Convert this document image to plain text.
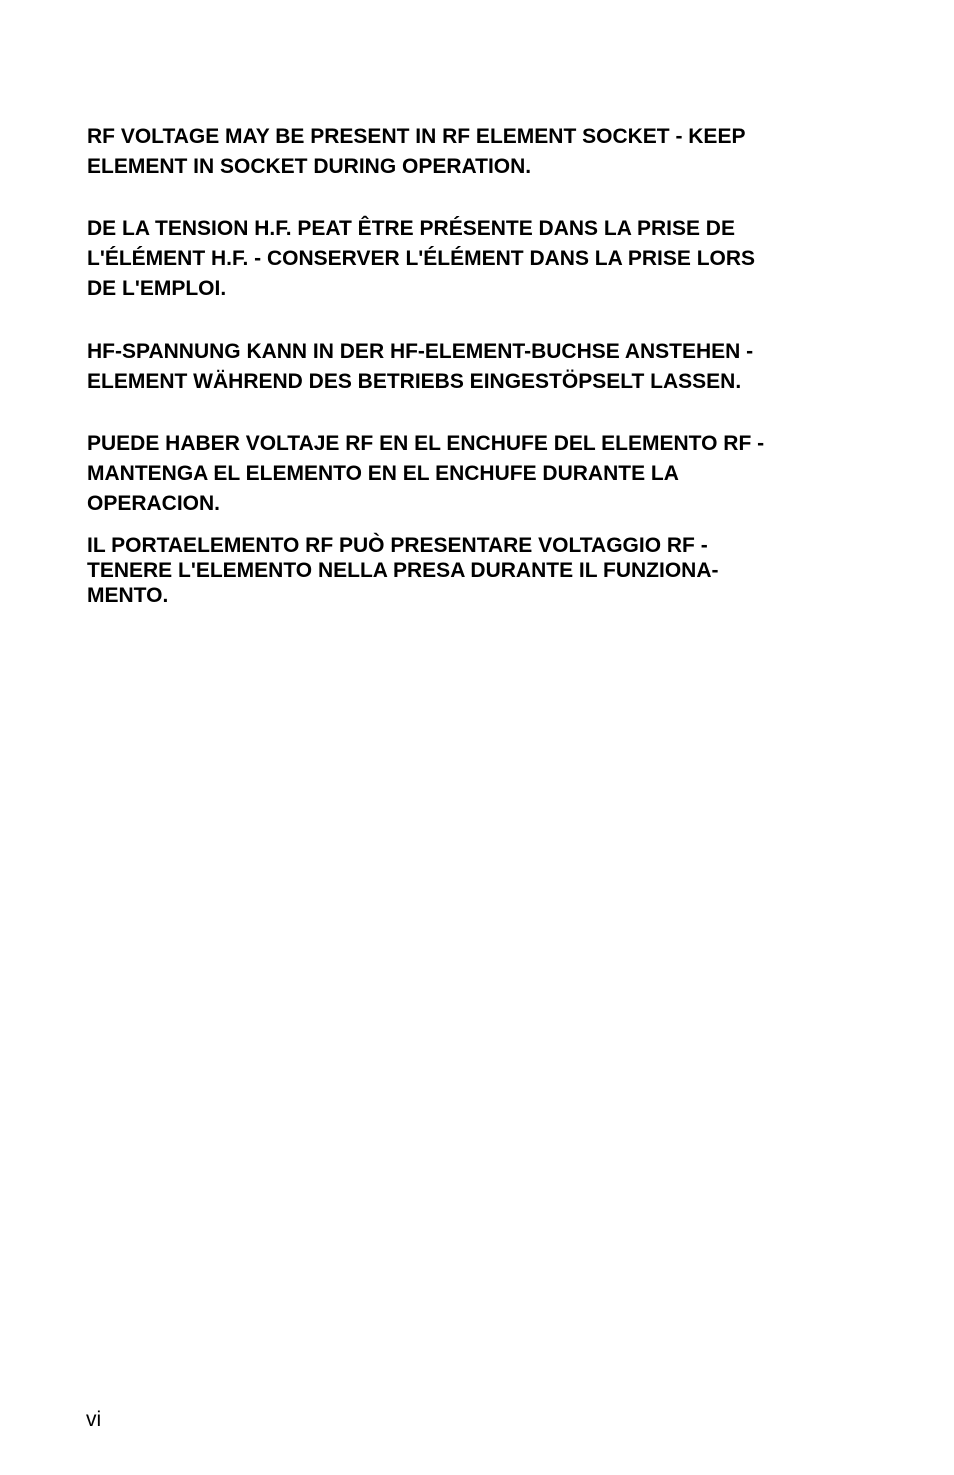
RF VOLTAGE MAY BE PRESENT IN RF ELEMENT SOCKET - KEEP
ELEMENT IN SOCKET DURING OPERATION.

DE LA TENSION H.F. PEAT ÊTRE PRÉSENTE DANS LA PRISE DE
L'ÉLÉMENT H.F. - CONSERVER L'ÉLÉMENT DANS LA PRISE LORS
DE L'EMPLOI.

HF-SPANNUNG KANN IN DER HF-ELEMENT-BUCHSE ANSTEHEN -
ELEMENT WÄHREND DES BETRIEBS EINGESTÖPSELT LASSEN.

PUEDE HABER VOLTAJE RF EN EL ENCHUFE DEL ELEMENTO RF -
MANTENGA EL ELEMENTO EN EL ENCHUFE DURANTE LA
OPERACION.

IL PORTAELEMENTO RF PUÒ PRESENTARE VOLTAGGIO RF -
TENERE L'ELEMENTO NELLA PRESA DURANTE IL FUNZIONA-
MENTO.

vi
